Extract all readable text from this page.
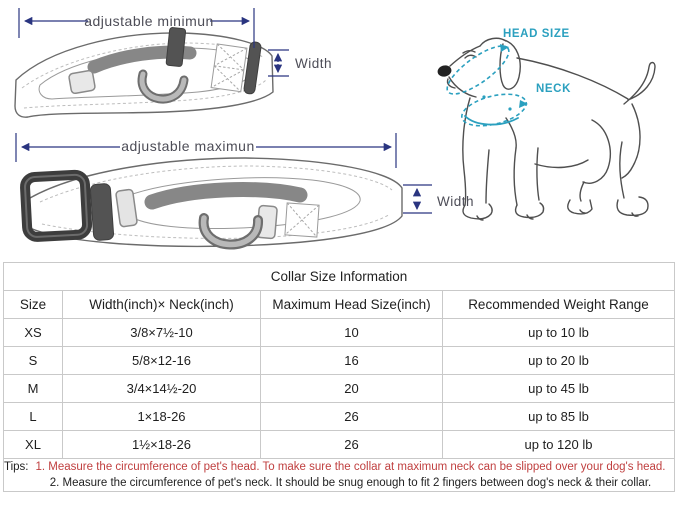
adjustable minimun
Width
adjustable maximun
Width
HEAD SIZE
NECK
Collar Size Information			
Size	Width(inch)× Neck(inch)	Maximum Head Size(inch)	Recommended Weight Range
XS	3/8×7½-10	10	up to 10 lb
S	5/8×12-16	16	up to 20 lb
M	3/4×14½-20	20	up to 45 lb
L	1×18-26	26	up to 85 lb
XL	1½×18-26	26	up to 120 lb

Tips: 1. Measure the circumference of pet's head. To make sure the collar at maximum neck can be slipped over your dog's head.
2. Measure the circumference of pet's neck. It should be snug enough to fit 2 fingers between dog's neck & their collar.			
